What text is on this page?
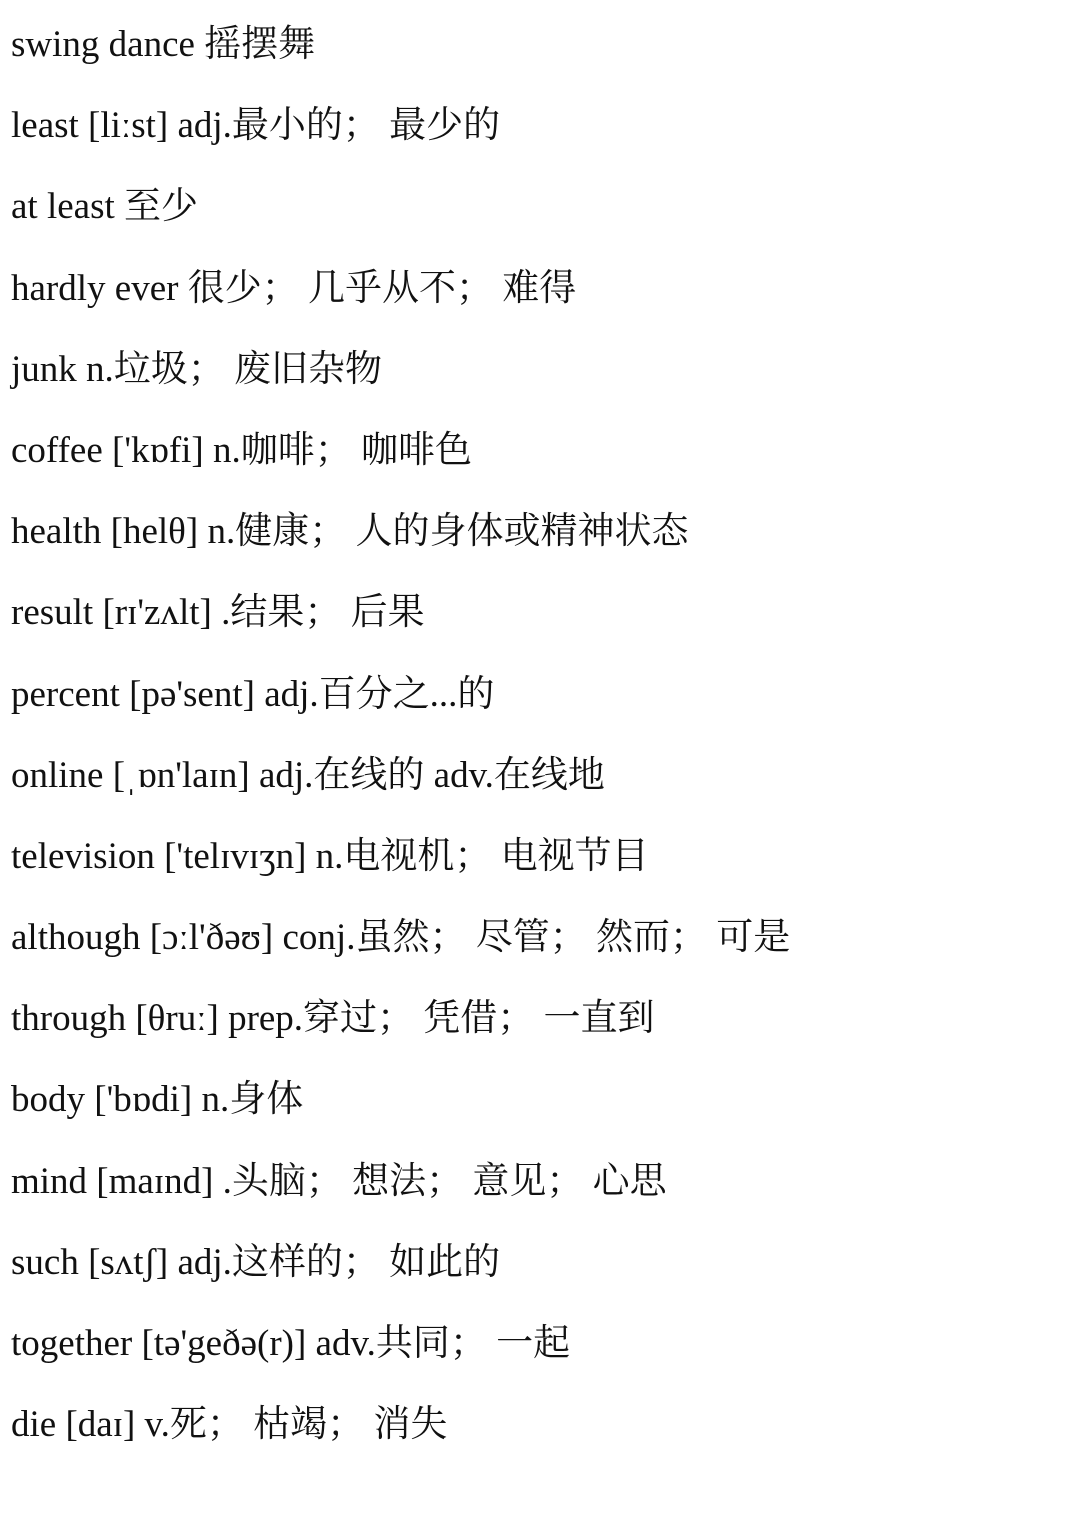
swing dance 摇摆舞
least [liːst] adj.最小的； 最少的
at least 至少
hardly ever 很少； 几乎从不； 难得
junk n.垃圾； 废旧杂物
coffee ['kɒfi] n.咖啡； 咖啡色
health [helθ] n.健康； 人的身体或精神状态
result [rɪ'zʌlt] .结果； 后果
percent [pə'sent] adj.百分之...的
online [ˌɒn'laɪn] adj.在线的 adv.在线地
television ['telɪvɪʒn] n.电视机； 电视节目
although [ɔːl'ðəʊ] conj.虽然； 尽管； 然而； 可是
through [θruː] prep.穿过； 凭借； 一直到
body ['bɒdi] n.身体
mind [maɪnd] .头脑； 想法； 意见； 心思
such [sʌtʃ] adj.这样的； 如此的
together [tə'geðə(r)] adv.共同； 一起
die [daɪ] v.死； 枯竭； 消失
